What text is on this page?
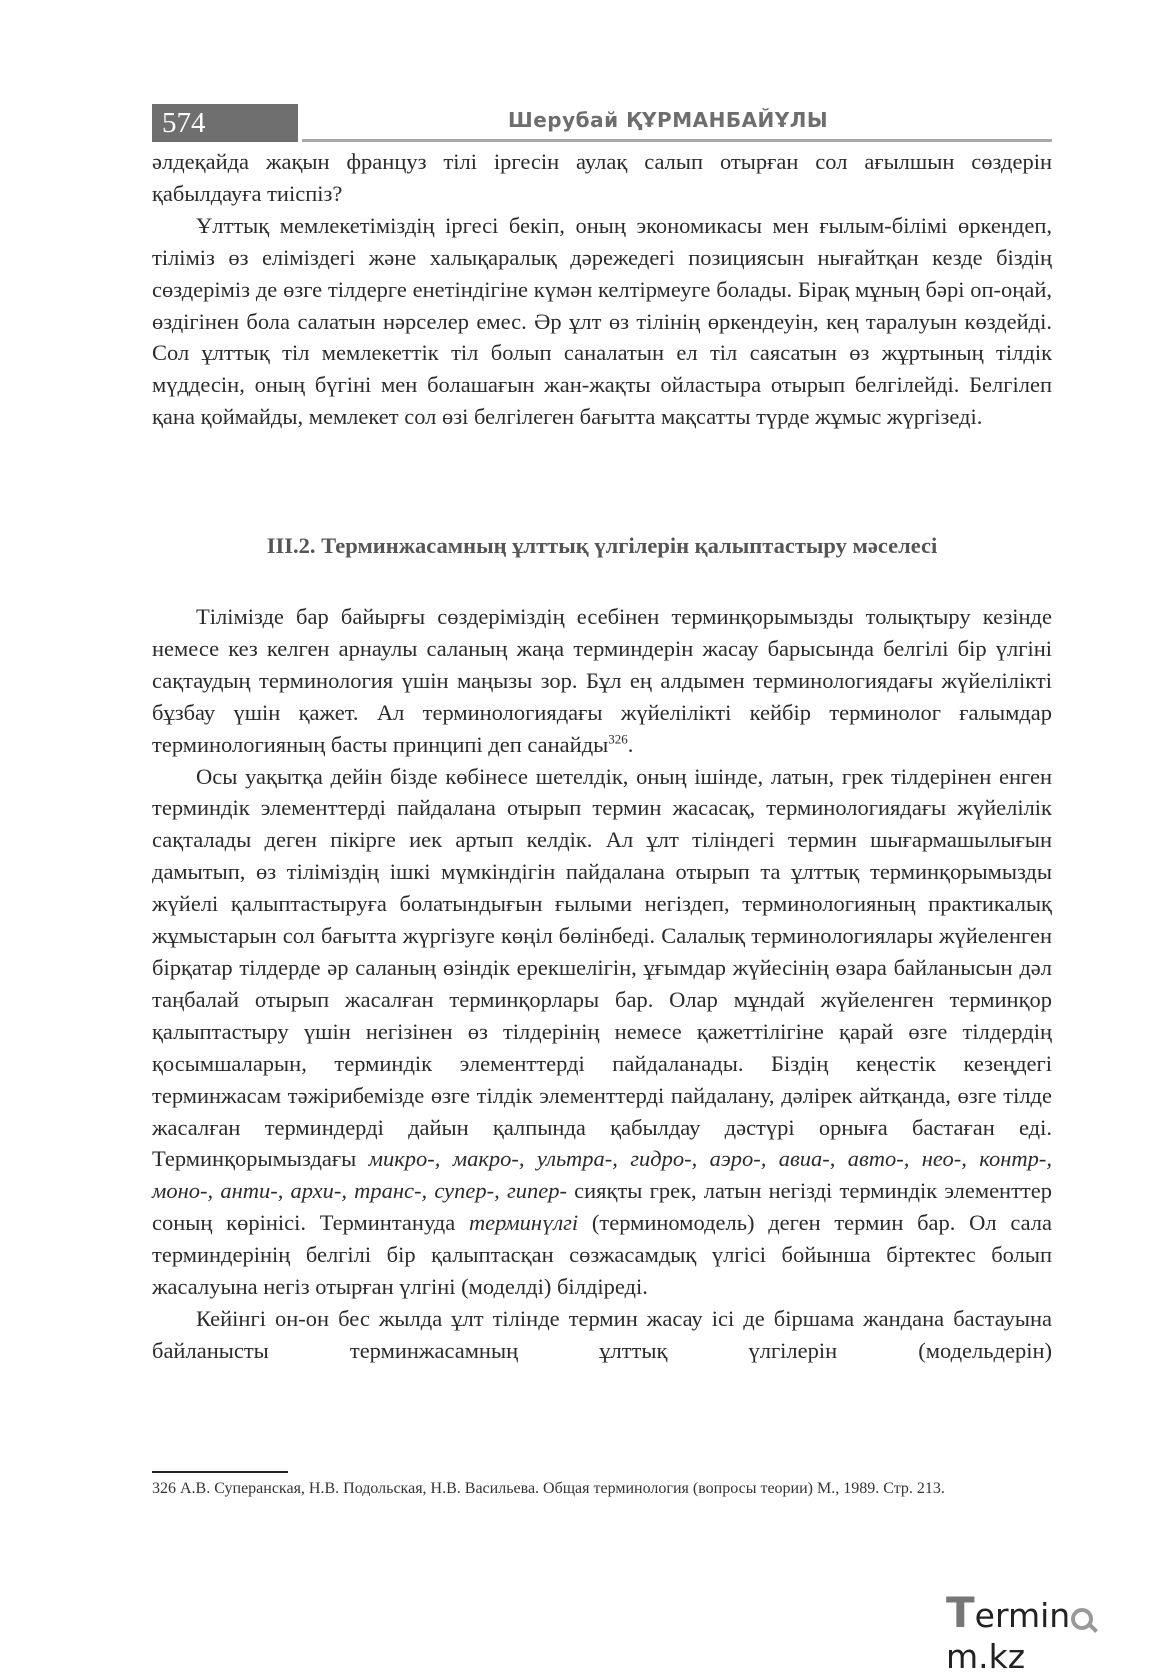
574	Шерубай ҚҰРМАНБАЙҰЛЫ

әлдеқайда жақын француз тілі іргесін аулақ салып отырған сол ағылшын сөздерін қабылдауға тиіспіз?

Ұлттық мемлекетіміздің іргесі бекіп, оның экономикасы мен ғылым-білімі өркендеп, тіліміз өз еліміздегі және халықаралық дәрежедегі позициясын нығайтқан кезде біздің сөздеріміз де өзге тілдерге енетіндігіне күмән келтірмеуге болады. Бірақ мұның бәрі оп-оңай, өздігінен бола салатын нәрселер емес. Әр ұлт өз тілінің өркендеуін, кең таралуын көздейді. Сол ұлттық тіл мемлекеттік тіл болып саналатын ел тіл саясатын өз жұртының тілдік мүддесін, оның бүгіні мен болашағын жан-жақты ойластыра отырып белгілейді. Белгілеп қана қоймайды, мемлекет сол өзі белгілеген бағытта мақсатты түрде жұмыс жүргізеді.

III.2. Терминжасамның ұлттық үлгілерін қалыптастыру мәселесі

Тілімізде бар байырғы сөздеріміздің есебінен терминқорымызды толықтыру кезінде немесе кез келген арнаулы саланың жаңа терминдерін жасау барысында белгілі бір үлгіні сақтаудың терминология үшін маңызы зор. Бұл ең алдымен терминологиядағы жүйелілікті бұзбау үшін қажет. Ал терминологиядағы жүйелілікті кейбір терминолог ғалымдар терминологияның басты принципі деп санайды$^{326}$.

Осы уақытқа дейін бізде көбінесе шетелдік, оның ішінде, латын, грек тілдерінен енген терминдік элементтерді пайдалана отырып термин жасасақ, терминологиядағы жүйелілік сақталады деген пікірге иек артып келдік. Ал ұлт тіліндегі термин шығармашылығын дамытып, өз тіліміздің ішкі мүмкіндігін пайдалана отырып та ұлттық терминқорымызды жүйелі қалыптастыруға болатындығын ғылыми негіздеп, терминологияның практикалық жұмыстарын сол бағытта жүргізуге көңіл бөлінбеді. Салалық терминологиялары жүйеленген бірқатар тілдерде әр саланың өзіндік ерекшелігін, ұғымдар жүйесінің өзара байланысын дәл таңбалай отырып жасалған терминқорлары бар. Олар мұндай жүйеленген терминқор қалыптастыру үшін негізінен өз тілдерінің немесе қажеттілігіне қарай өзге тілдердің қосымшаларын, терминдік элементтерді пайдаланады. Біздің кеңестік кезеңдегі терминжасам тәжірибемізде өзге тілдік элементтерді пайдалану, дәлірек айтқанда, өзге тілде жасалған терминдерді дайын қалпында қабылдау дәстүрі орнығa бастаған еді. Терминқорымыздағы микро-, макро-, ультра-, гидро-, аэро-, авиа-, авто-, нео-, контр-, моно-, анти-, архи-, транс-, супер-, гипер- сияқты грек, латын негізді терминдік элементтер соның көрінісі. Терминтануда терминүлгі (терминомодель) деген термин бар. Ол сала терминдерінің белгілі бір қалыптасқан сөзжасамдық үлгісі бойынша біртектес болып жасалуына негіз отырған үлгіні (моделді) білдіреді.

Кейінгі он-он бес жылда ұлт тілінде термин жасау ісі де біршама жандана бастауына байланысты терминжасамның ұлттық үлгілерін (модельдерін)

326 А.В. Суперанская, Н.В. Подольская, Н.В. Васильева. Общая терминология (вопросы теории) М., 1989. Стр. 213.
Terminm.kz
